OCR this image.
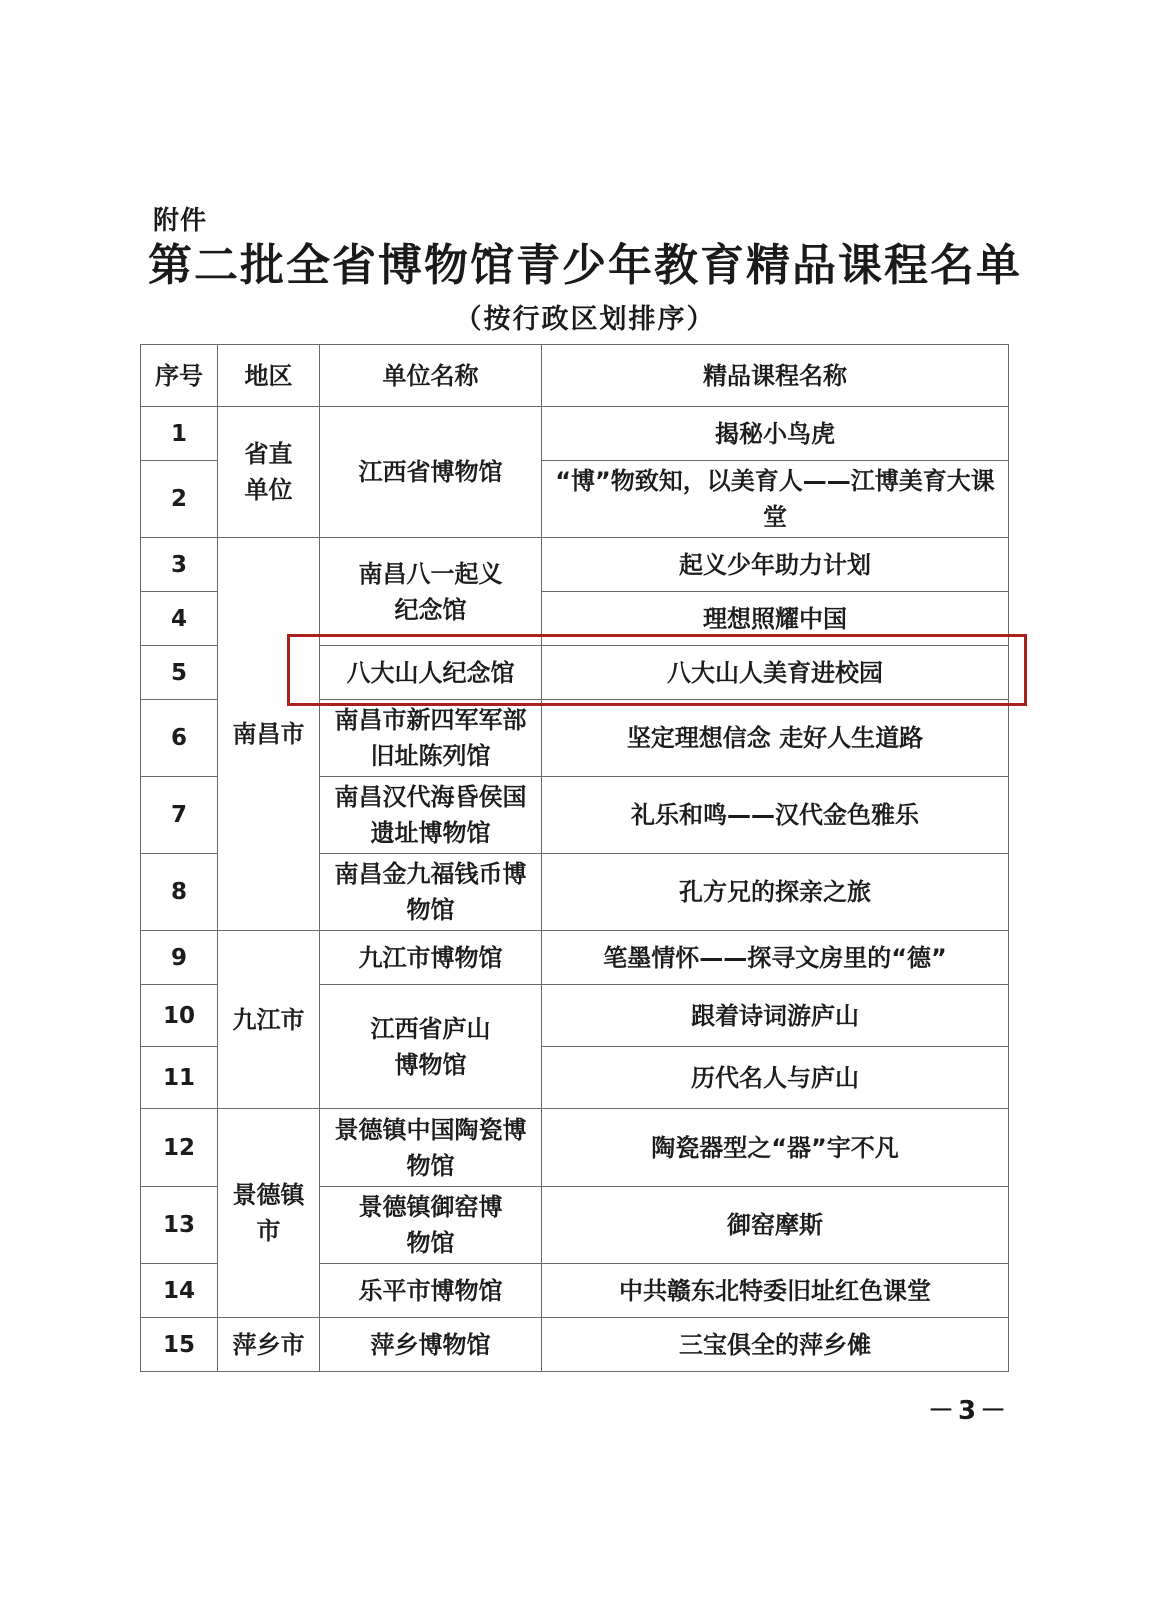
附件
第二批全省博物馆青少年教育精品课程名单
（按行政区划排序）
序号	地区	单位名称	精品课程名称
1	省直单位	江西省博物馆	揭秘小鸟虎
2			“博”物致知，以美育人——江博美育大课堂
3	南昌市	南昌八一起义纪念馆	起义少年助力计划
4			理想照耀中国
5		八大山人纪念馆	八大山人美育进校园
6		南昌市新四军军部旧址陈列馆	坚定理想信念 走好人生道路
7		南昌汉代海昏侯国遗址博物馆	礼乐和鸣——汉代金色雅乐
8		南昌金九福钱币博物馆	孔方兄的探亲之旅
9	九江市	九江市博物馆	笔墨情怀——探寻文房里的“德”
10		江西省庐山博物馆	跟着诗词游庐山
11			历代名人与庐山
12	景德镇市	景德镇中国陶瓷博物馆	陶瓷器型之“器”宇不凡
13		景德镇御窑博物馆	御窑摩斯
14		乐平市博物馆	中共赣东北特委旧址红色课堂
15	萍乡市	萍乡博物馆	三宝俱全的萍乡傩
－3－
